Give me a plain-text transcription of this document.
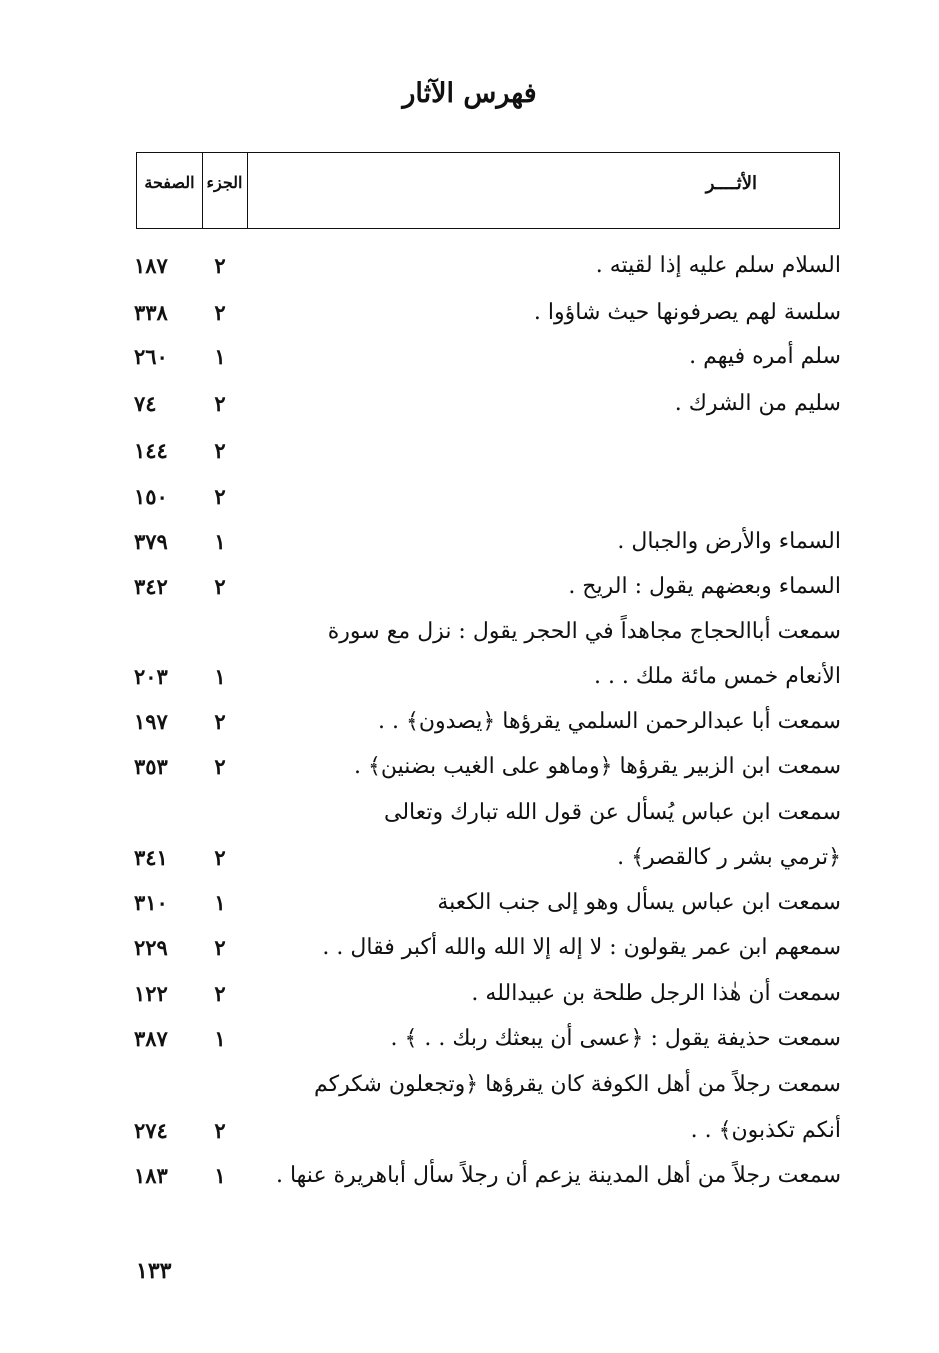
فهرس الآثار
الصفحة الجزء	الأثــــر
السلام سلم عليه إذا لقيته .
٢
١٨٧
سلسة لهم يصرفونها حيث شاؤوا .
٢
٣٣٨
سلم أمره فيهم .
١
٢٦٠
سليم من الشرك .
٢
٧٤
٢
١٤٤
٢
١٥٠
السماء والأرض والجبال .
١
٣٧٩
السماء وبعضهم يقول : الريح .
٢
٣٤٢
سمعت أباالحجاج مجاهداً في الحجر يقول : نزل مع سورة
الأنعام خمس مائة ملك . . .
١
٢٠٣
سمعت أبا عبدالرحمن السلمي يقرؤها ﴿يصدون﴾ . .
٢
١٩٧
سمعت ابن الزبير يقرؤها ﴿وماهو على الغيب بضنين﴾ .
٢
٣٥٣
سمعت ابن عباس يُسأل عن قول الله تبارك وتعالى
﴿ترمي بشر ر كالقصر﴾ .
٢
٣٤١
سمعت ابن عباس يسأل وهو إلى جنب الكعبة
١
٣١٠
سمعهم ابن عمر يقولون : لا إله إلا الله والله أكبر فقال . .
٢
٢٢٩
سمعت أن هٰذا الرجل طلحة بن عبيدالله .
٢
١٢٢
سمعت حذيفة يقول : ﴿عسى أن يبعثك ربك . . ﴾ .
١
٣٨٧
سمعت رجلاً من أهل الكوفة كان يقرؤها ﴿وتجعلون شكركم
أنكم تكذبون﴾ . .
٢
٢٧٤
سمعت رجلاً من أهل المدينة يزعم أن رجلاً سأل أباهريرة عنها .
١
١٨٣
١٣٣
